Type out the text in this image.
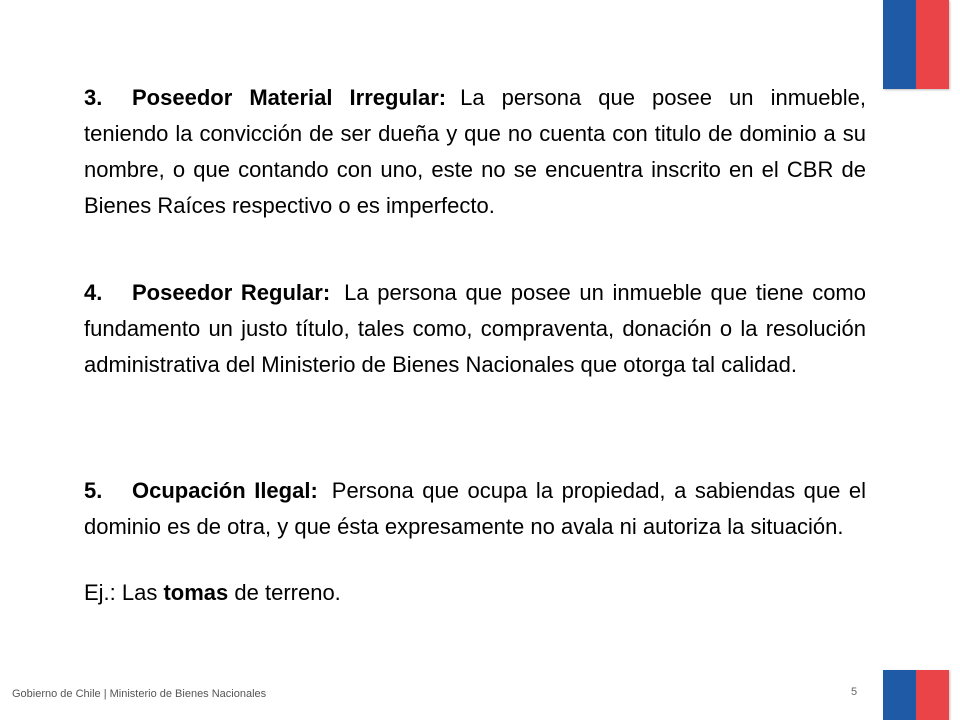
3. Poseedor Material Irregular: La persona que posee un inmueble, teniendo la convicción de ser dueña y que no cuenta con titulo de dominio a su nombre, o que contando con uno, este no se encuentra inscrito en el CBR de Bienes Raíces respectivo o es imperfecto.

4. Poseedor Regular: La persona que posee un inmueble que tiene como fundamento un justo título, tales como, compraventa, donación o la resolución administrativa del Ministerio de Bienes Nacionales que otorga tal calidad.

5. Ocupación Ilegal: Persona que ocupa la propiedad, a sabiendas que el dominio es de otra, y que ésta expresamente no avala ni autoriza la situación.

Ej.: Las tomas de terreno.

Gobierno de Chile | Ministerio de Bienes Nacionales	5
